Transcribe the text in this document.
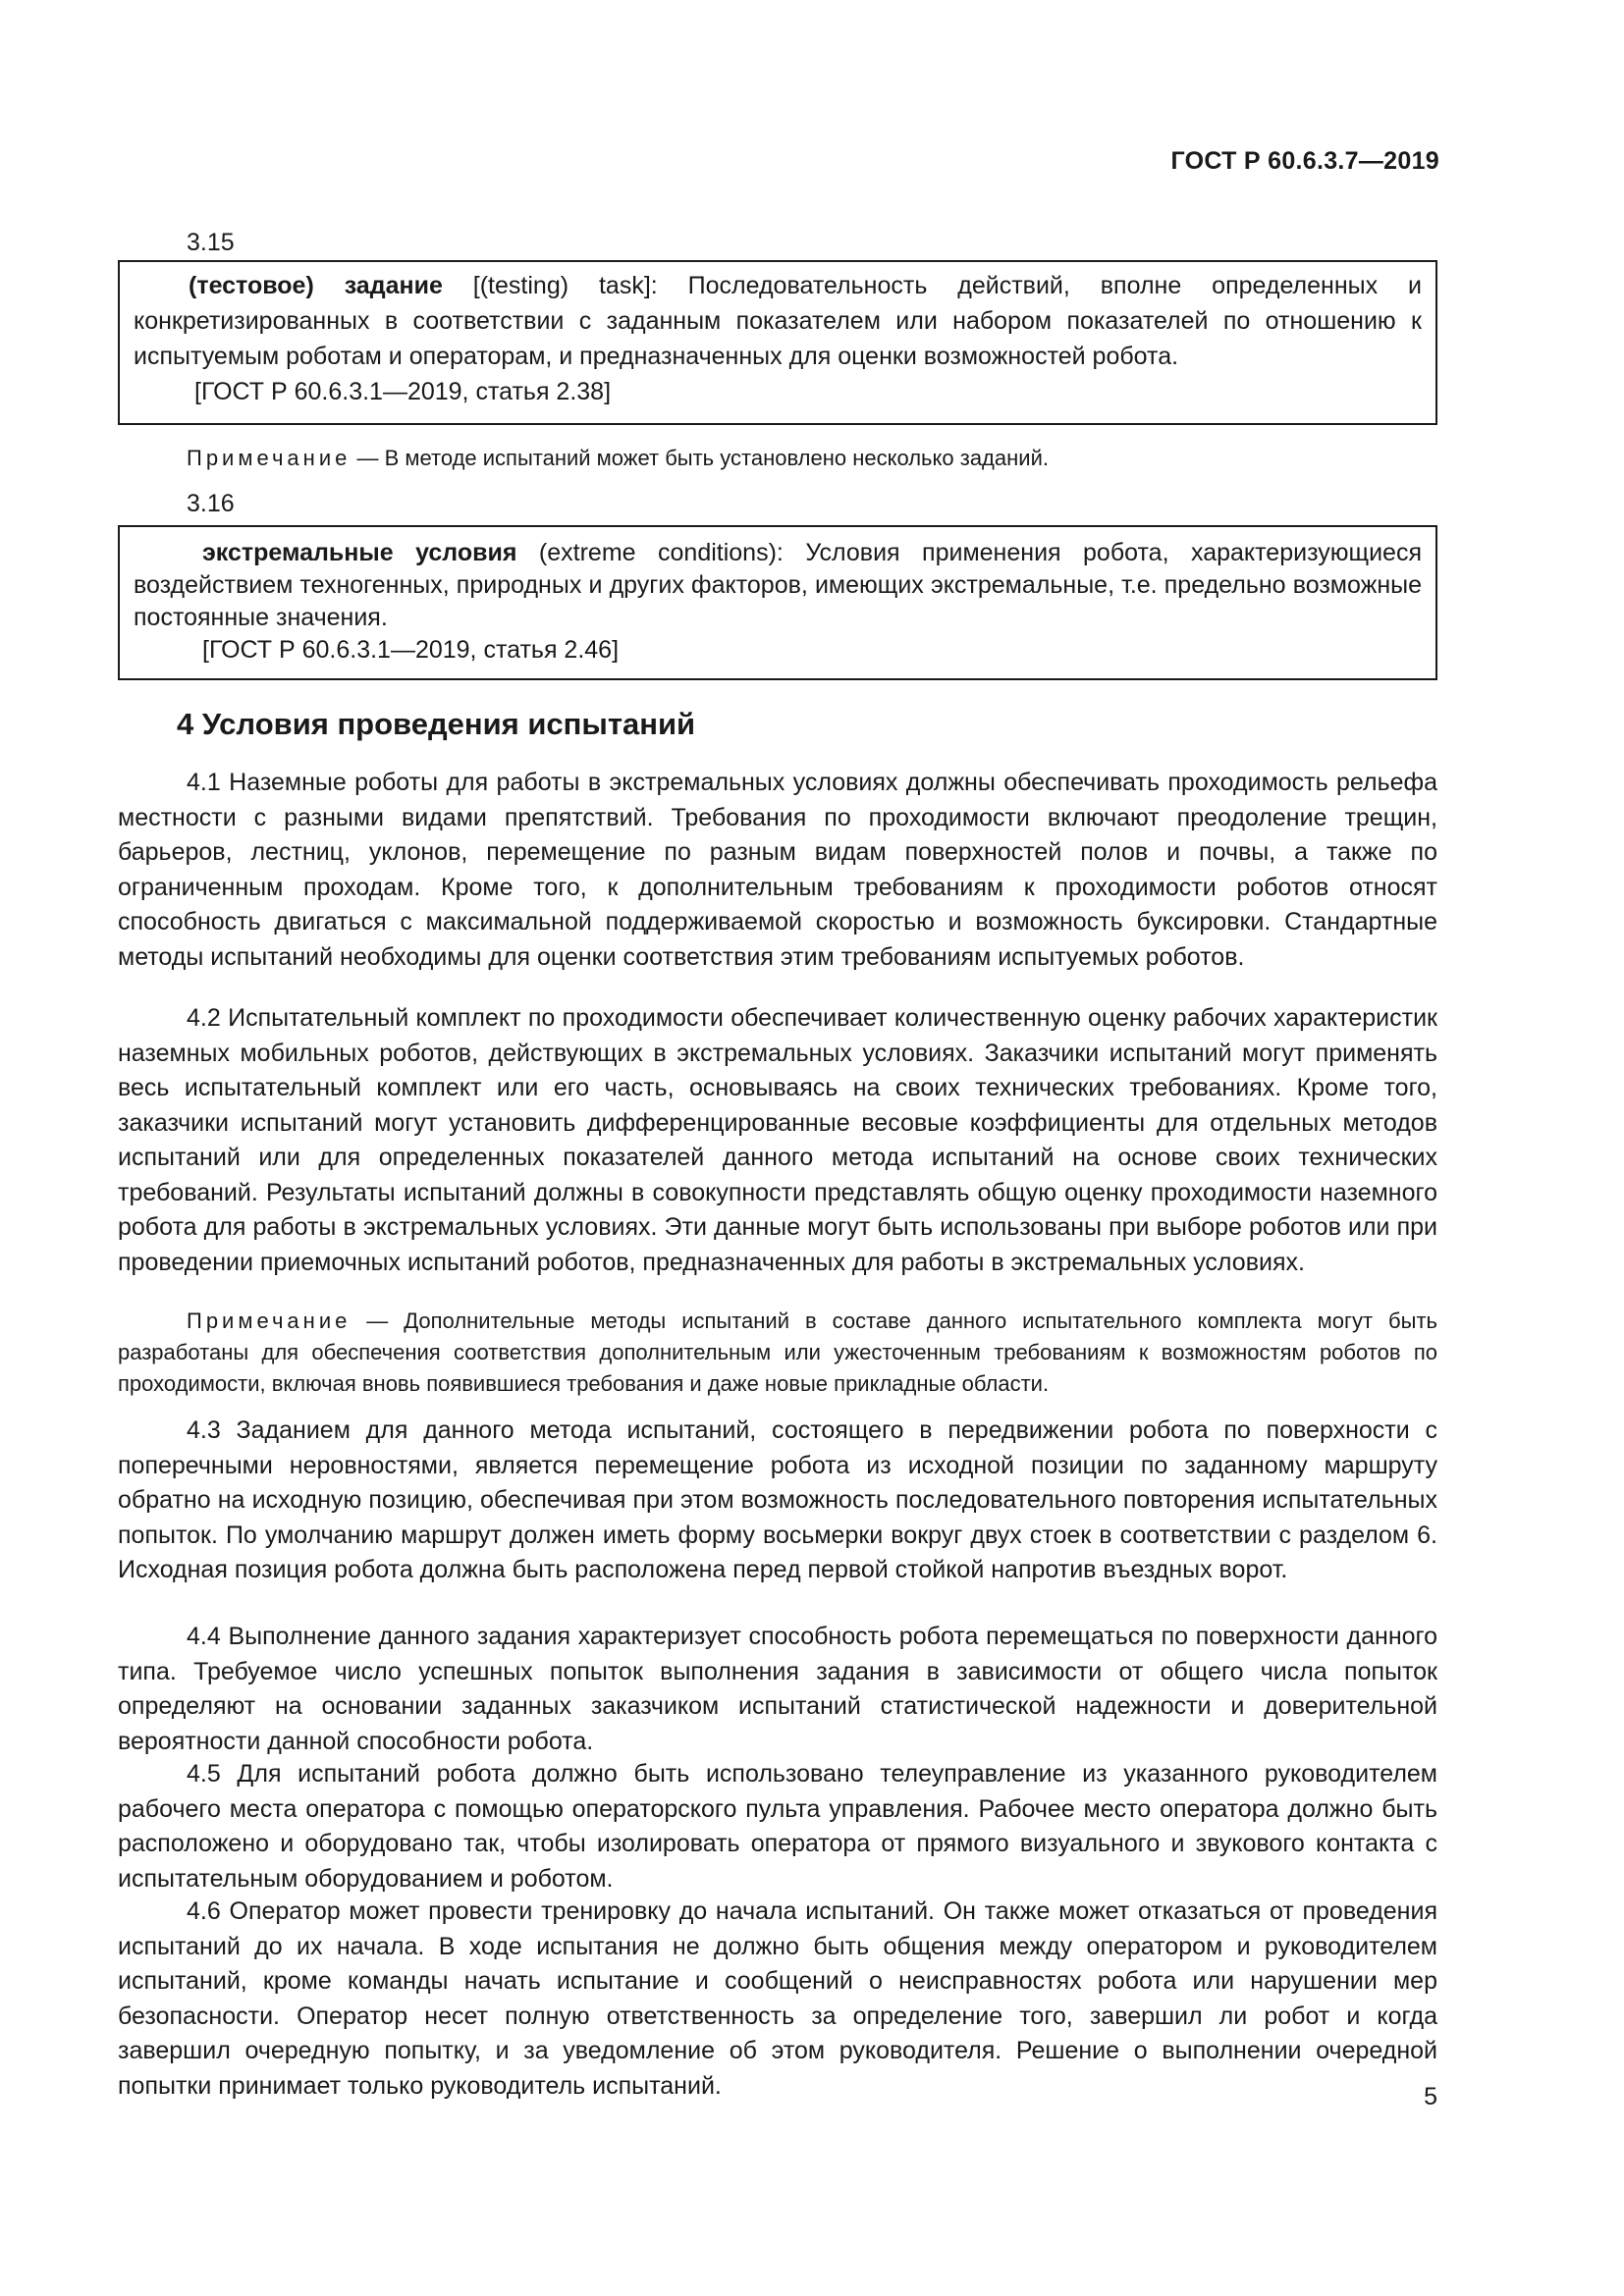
ГОСТ Р 60.6.3.7—2019
3.15

(тестовое) задание [(testing) task]: Последовательность действий, вполне определенных и конкретизированных в соответствии с заданным показателем или набором показателей по отношению к испытуемым роботам и операторам, и предназначенных для оценки возможностей робота.

[ГОСТ Р 60.6.3.1—2019, статья 2.38]

Примечание — В методе испытаний может быть установлено несколько заданий.
3.16

экстремальные условия (extreme conditions): Условия применения робота, характеризующиеся воздействием техногенных, природных и других факторов, имеющих экстремальные, т.е. предельно возможные постоянные значения.

[ГОСТ Р 60.6.3.1—2019, статья 2.46]

4 Условия проведения испытаний

4.1 Наземные роботы для работы в экстремальных условиях должны обеспечивать проходимость рельефа местности с разными видами препятствий. Требования по проходимости включают преодоление трещин, барьеров, лестниц, уклонов, перемещение по разным видам поверхностей полов и почвы, а также по ограниченным проходам. Кроме того, к дополнительным требованиям к проходимости роботов относят способность двигаться с максимальной поддерживаемой скоростью и возможность буксировки. Стандартные методы испытаний необходимы для оценки соответствия этим требованиям испытуемых роботов.

4.2 Испытательный комплект по проходимости обеспечивает количественную оценку рабочих характеристик наземных мобильных роботов, действующих в экстремальных условиях. Заказчики испытаний могут применять весь испытательный комплект или его часть, основываясь на своих технических требованиях. Кроме того, заказчики испытаний могут установить дифференцированные весовые коэффициенты для отдельных методов испытаний или для определенных показателей данного метода испытаний на основе своих технических требований. Результаты испытаний должны в совокупности представлять общую оценку проходимости наземного робота для работы в экстремальных условиях. Эти данные могут быть использованы при выборе роботов или при проведении приемочных испытаний роботов, предназначенных для работы в экстремальных условиях.

Примечание — Дополнительные методы испытаний в составе данного испытательного комплекта могут быть разработаны для обеспечения соответствия дополнительным или ужесточенным требованиям к возможностям роботов по проходимости, включая вновь появившиеся требования и даже новые прикладные области.

4.3 Заданием для данного метода испытаний, состоящего в передвижении робота по поверхности с поперечными неровностями, является перемещение робота из исходной позиции по заданному маршруту обратно на исходную позицию, обеспечивая при этом возможность последовательного повторения испытательных попыток. По умолчанию маршрут должен иметь форму восьмерки вокруг двух стоек в соответствии с разделом 6. Исходная позиция робота должна быть расположена перед первой стойкой напротив въездных ворот.

4.4 Выполнение данного задания характеризует способность робота перемещаться по поверхности данного типа. Требуемое число успешных попыток выполнения задания в зависимости от общего числа попыток определяют на основании заданных заказчиком испытаний статистической надежности и доверительной вероятности данной способности робота.

4.5 Для испытаний робота должно быть использовано телеуправление из указанного руководителем рабочего места оператора с помощью операторского пульта управления. Рабочее место оператора должно быть расположено и оборудовано так, чтобы изолировать оператора от прямого визуального и звукового контакта с испытательным оборудованием и роботом.

4.6 Оператор может провести тренировку до начала испытаний. Он также может отказаться от проведения испытаний до их начала. В ходе испытания не должно быть общения между оператором и руководителем испытаний, кроме команды начать испытание и сообщений о неисправностях робота или нарушении мер безопасности. Оператор несет полную ответственность за определение того, завершил ли робот и когда завершил очередную попытку, и за уведомление об этом руководителя. Решение о выполнении очередной попытки принимает только руководитель испытаний.	5
